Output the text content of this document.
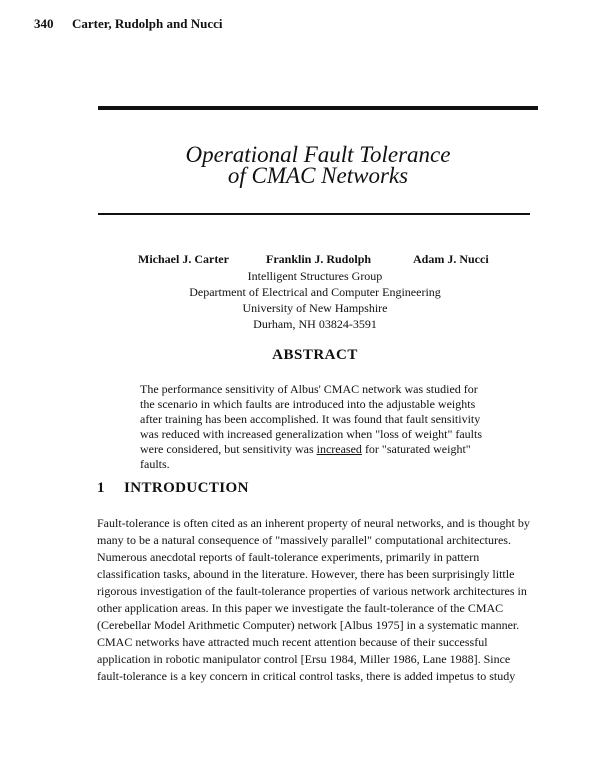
340 Carter, Rudolph and Nucci
Operational Fault Tolerance
of CMAC Networks
Michael J. Carter	Franklin J. Rudolph	Adam J. Nucci
Intelligent Structures Group
Department of Electrical and Computer Engineering
University of New Hampshire
Durham, NH 03824-3591
ABSTRACT
The performance sensitivity of Albus' CMAC network was studied for
the scenario in which faults are introduced into the adjustable weights
after training has been accomplished. It was found that fault sensitivity
was reduced with increased generalization when "loss of weight" faults
were considered, but sensitivity was increased for "saturated weight"
faults.
1 INTRODUCTION
Fault-tolerance is often cited as an inherent property of neural networks, and is thought by
many to be a natural consequence of "massively parallel" computational architectures.
Numerous anecdotal reports of fault-tolerance experiments, primarily in pattern
classification tasks, abound in the literature. However, there has been surprisingly little
rigorous investigation of the fault-tolerance properties of various network architectures in
other application areas. In this paper we investigate the fault-tolerance of the CMAC
(Cerebellar Model Arithmetic Computer) network [Albus 1975] in a systematic manner.
CMAC networks have attracted much recent attention because of their successful
application in robotic manipulator control [Ersu 1984, Miller 1986, Lane 1988]. Since
fault-tolerance is a key concern in critical control tasks, there is added impetus to study
